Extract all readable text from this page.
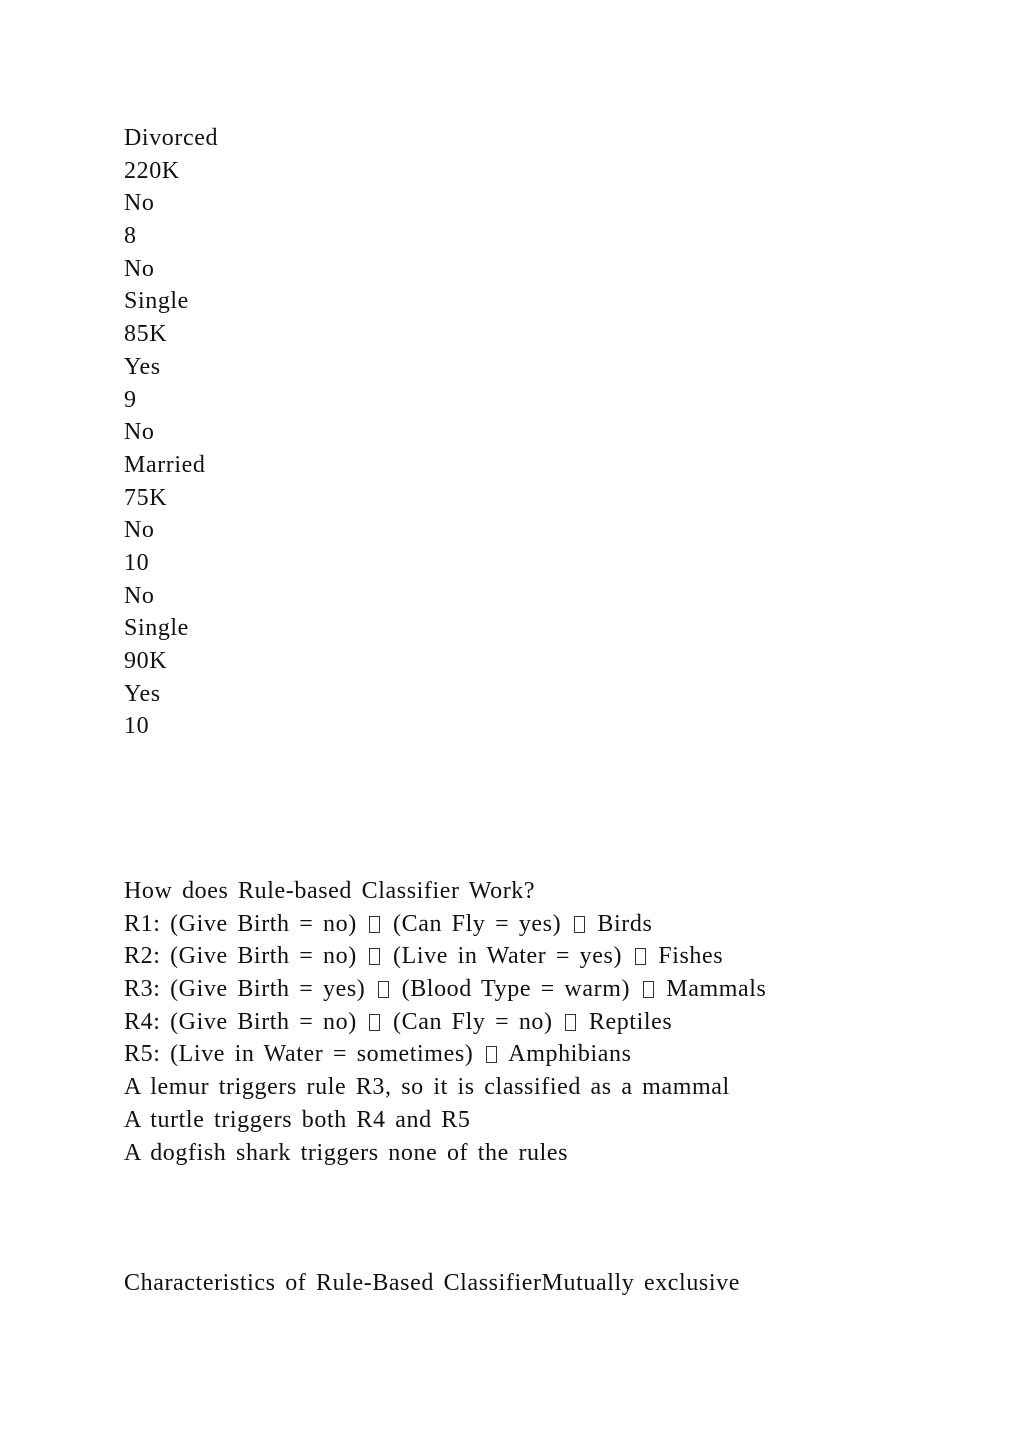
Divorced
220K
No
8
No
Single
85K
Yes
9
No
Married
75K
No
10
No
Single
90K
Yes
10
How does Rule-based Classifier Work?
R1: (Give Birth = no) (Can Fly = yes) Birds
R2: (Give Birth = no) (Live in Water = yes) Fishes
R3: (Give Birth = yes) (Blood Type = warm) Mammals
R4: (Give Birth = no) (Can Fly = no) Reptiles
R5: (Live in Water = sometimes) Amphibians
A lemur triggers rule R3, so it is classified as a mammal
A turtle triggers both R4 and R5
A dogfish shark triggers none of the rules
Characteristics of Rule-Based ClassifierMutually exclusive
